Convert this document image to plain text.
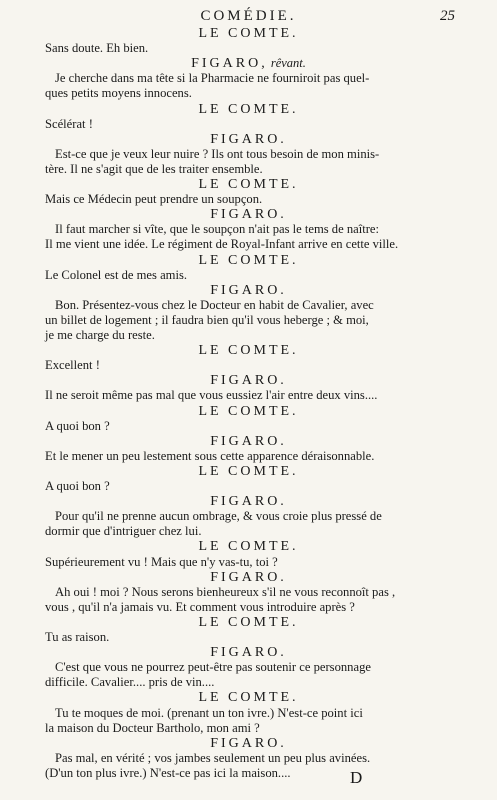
COMÉDIE.	25
LE COMTE.
Sans doute. Eh bien.
FIGARO, rêvant.
Je cherche dans ma tête si la Pharmacie ne fourniroit pas quel-
ques petits moyens innocens.
LE COMTE.
Scélérat !
FIGARO.
Est-ce que je veux leur nuire ? Ils ont tous besoin de mon minis-
tère. Il ne s'agit que de les traiter ensemble.
LE COMTE.
Mais ce Médecin peut prendre un soupçon.
FIGARO.
Il faut marcher si vîte, que le soupçon n'ait pas le tems de naître:
Il me vient une idée. Le régiment de Royal-Infant arrive en cette ville.
LE COMTE.
Le Colonel est de mes amis.
FIGARO.
Bon. Présentez-vous chez le Docteur en habit de Cavalier, avec
un billet de logement ; il faudra bien qu'il vous heberge ; & moi,
je me charge du reste.
LE COMTE.
Excellent !
FIGARO.
Il ne seroit même pas mal que vous eussiez l'air entre deux vins....
LE COMTE.
A quoi bon ?
FIGARO.
Et le mener un peu lestement sous cette apparence déraisonnable.
LE COMTE.
A quoi bon ?
FIGARO.
Pour qu'il ne prenne aucun ombrage, & vous croie plus pressé de
dormir que d'intriguer chez lui.
LE COMTE.
Supérieurement vu ! Mais que n'y vas-tu, toi ?
FIGARO.
Ah oui ! moi ? Nous serons bienheureux s'il ne vous reconnoît pas ,
vous , qu'il n'a jamais vu. Et comment vous introduire après ?
LE COMTE.
Tu as raison.
FIGARO.
C'est que vous ne pourrez peut-être pas soutenir ce personnage
difficile. Cavalier.... pris de vin....
LE COMTE.
Tu te moques de moi. (prenant un ton ivre.) N'est-ce point ici
la maison du Docteur Bartholo, mon ami ?
FIGARO.
Pas mal, en vérité ; vos jambes seulement un peu plus avinées.
(D'un ton plus ivre.) N'est-ce pas ici la maison....	D
